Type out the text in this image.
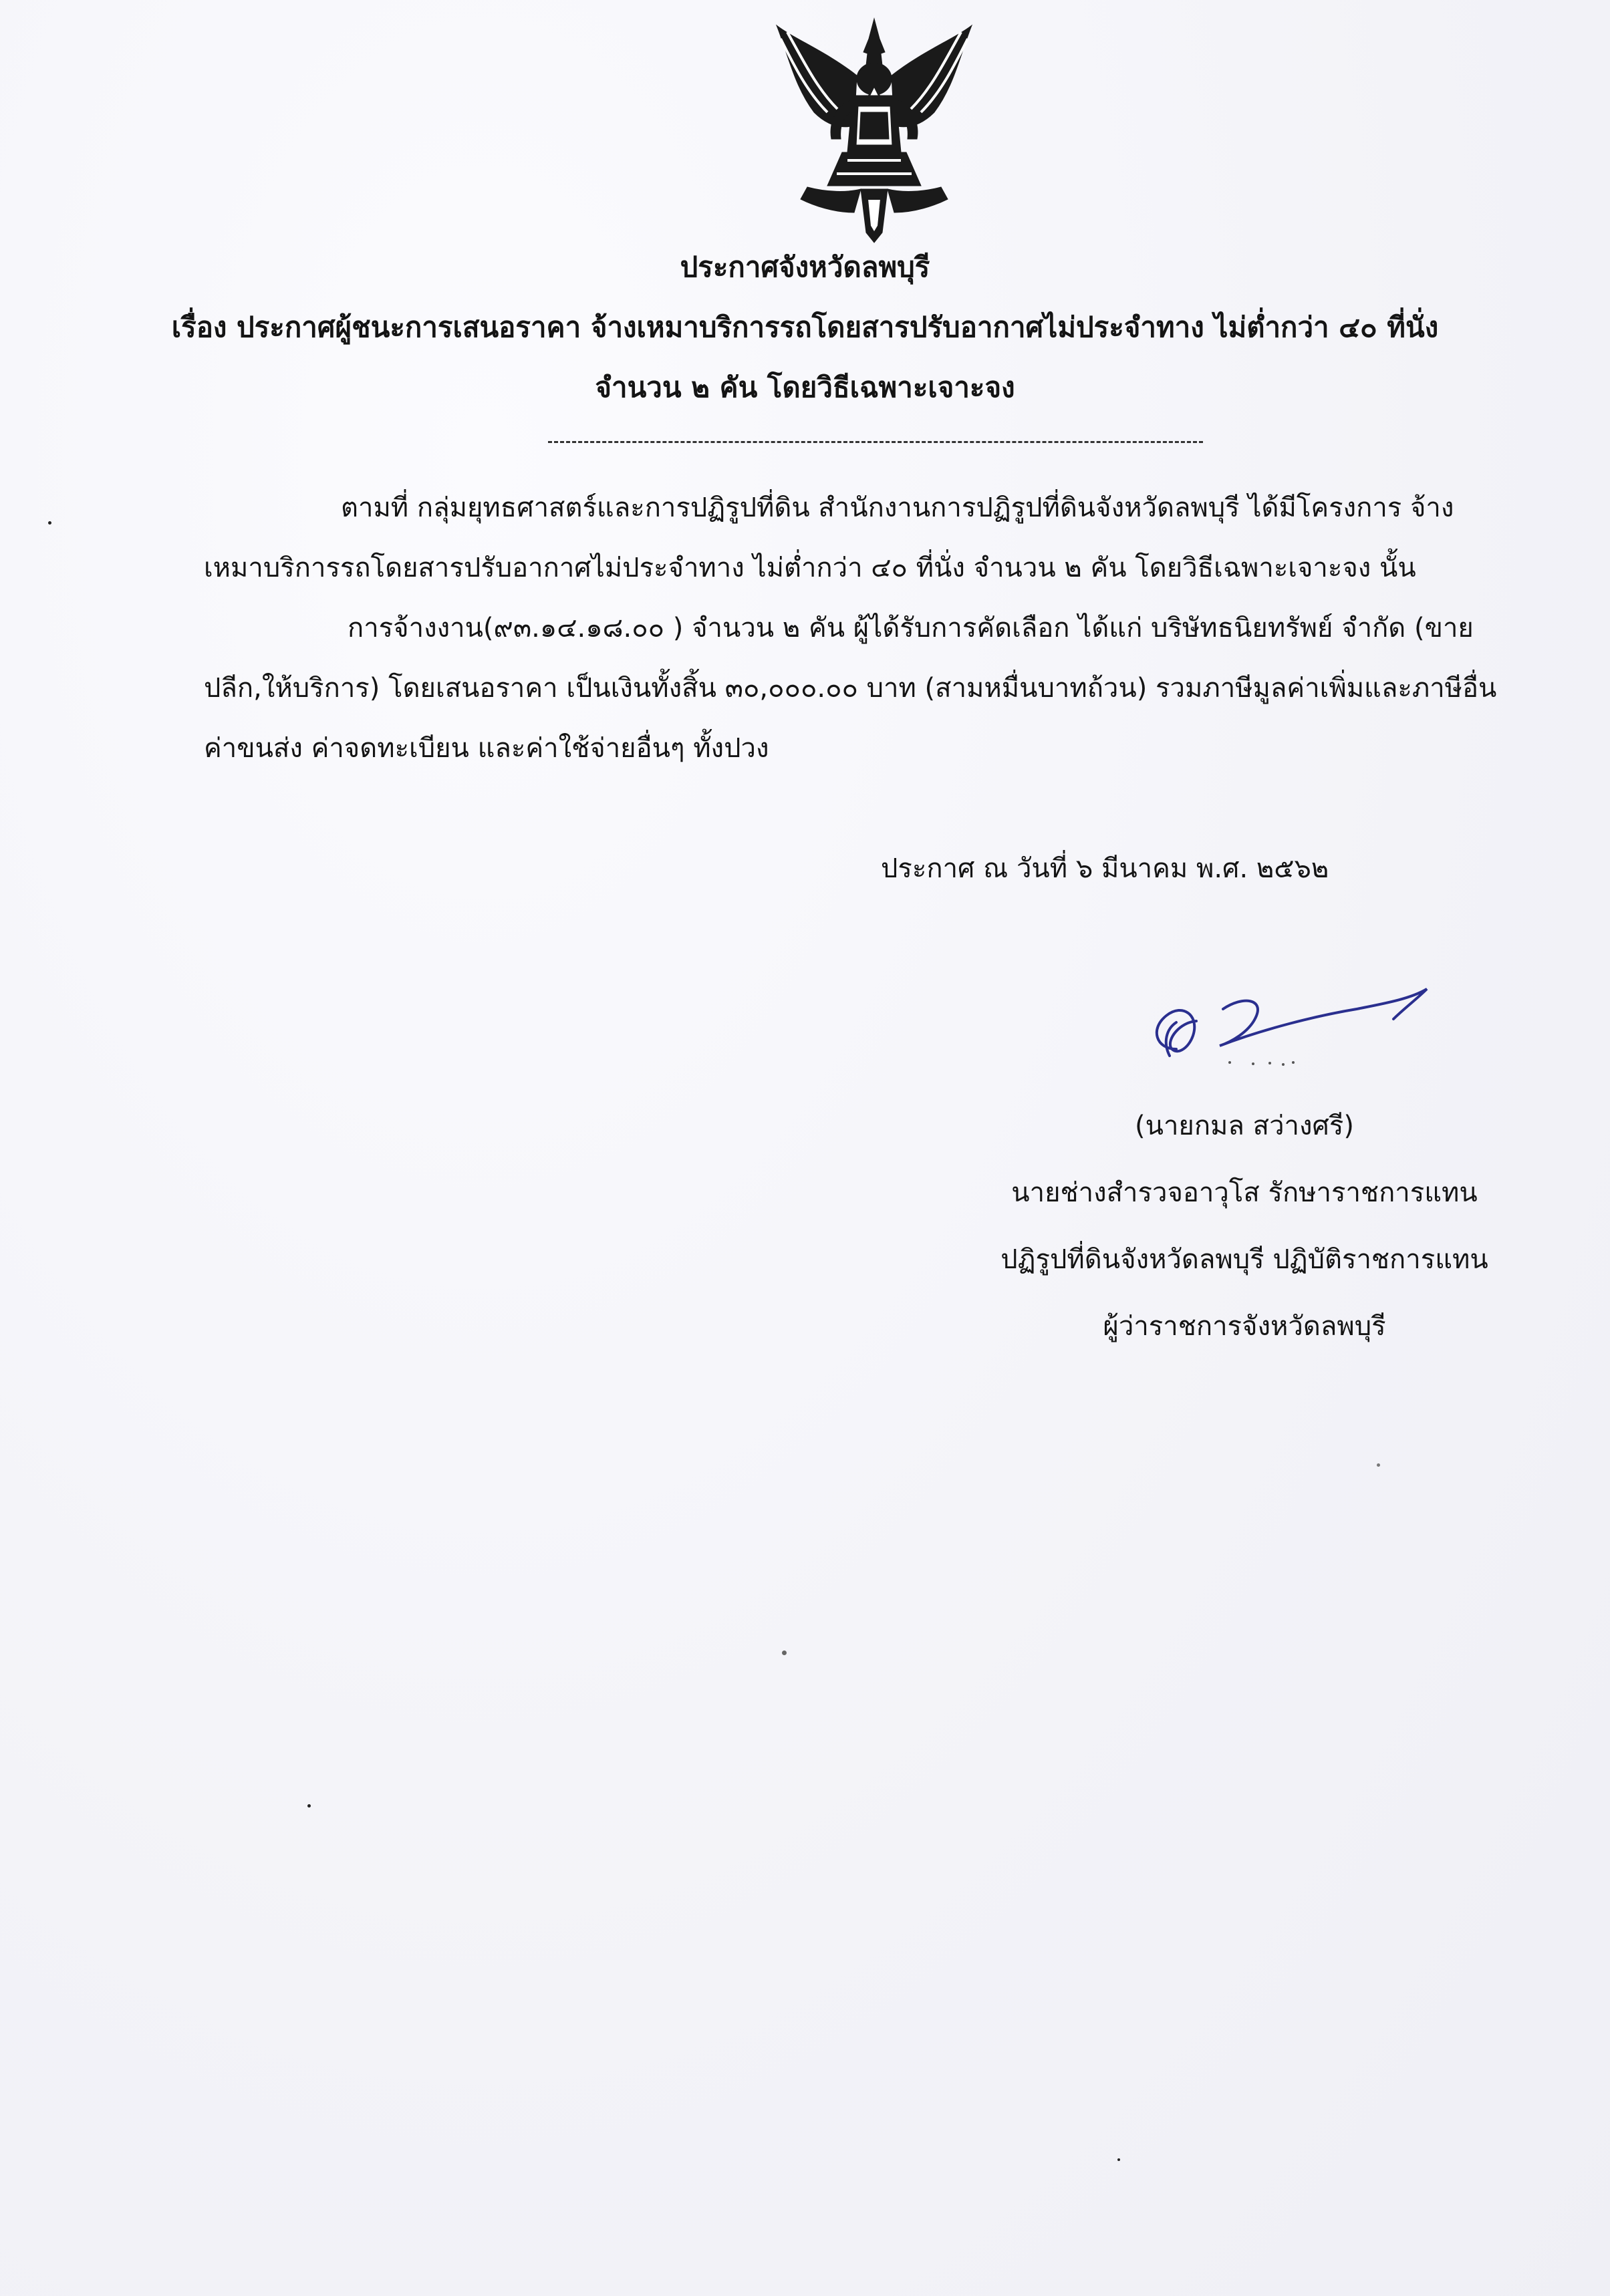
ประกาศจังหวัดลพบุรี
เรื่อง ประกาศผู้ชนะการเสนอราคา จ้างเหมาบริการรถโดยสารปรับอากาศไม่ประจำทาง ไม่ต่ำกว่า ๔๐ ที่นั่ง
จำนวน ๒ คัน โดยวิธีเฉพาะเจาะจง
ตามที่ กลุ่มยุทธศาสตร์และการปฏิรูปที่ดิน สำนักงานการปฏิรูปที่ดินจังหวัดลพบุรี ได้มีโครงการ จ้าง
เหมาบริการรถโดยสารปรับอากาศไม่ประจำทาง ไม่ต่ำกว่า ๔๐ ที่นั่ง จำนวน ๒ คัน โดยวิธีเฉพาะเจาะจง นั้น
การจ้างงาน(๙๓.๑๔.๑๘.๐๐ ) จำนวน ๒ คัน ผู้ได้รับการคัดเลือก ได้แก่ บริษัทธนิยทรัพย์ จำกัด (ขาย
ปลีก,ให้บริการ) โดยเสนอราคา เป็นเงินทั้งสิ้น ๓๐,๐๐๐.๐๐ บาท (สามหมื่นบาทถ้วน) รวมภาษีมูลค่าเพิ่มและภาษีอื่น
ค่าขนส่ง ค่าจดทะเบียน และค่าใช้จ่ายอื่นๆ ทั้งปวง
ประกาศ ณ วันที่ ๖ มีนาคม พ.ศ. ๒๕๖๒
(นายกมล สว่างศรี)
นายช่างสำรวจอาวุโส รักษาราชการแทน
ปฏิรูปที่ดินจังหวัดลพบุรี ปฏิบัติราชการแทน
ผู้ว่าราชการจังหวัดลพบุรี
